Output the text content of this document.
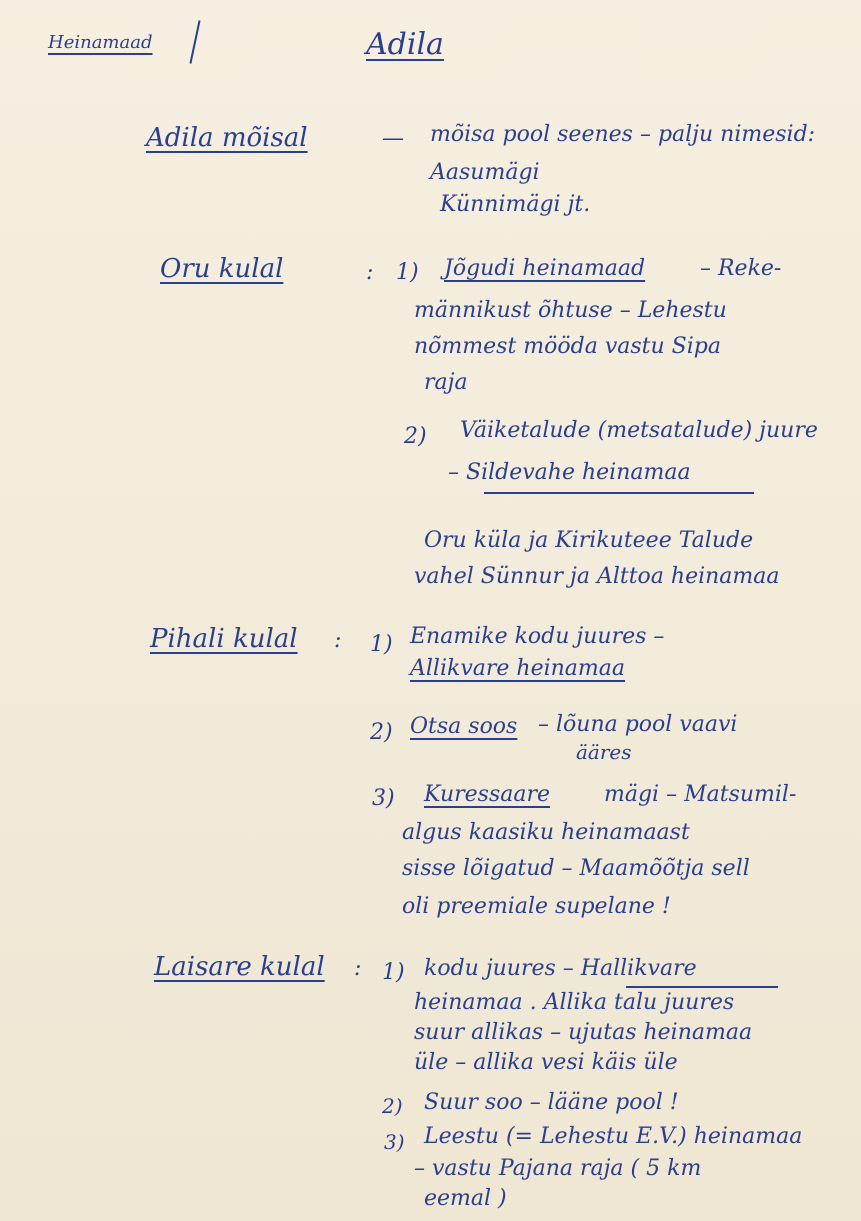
Heinamaad	Adila
Adila mõisal	— mõisa pool seenes – palju nimesid:
Aasumägi
Künnimägi jt.
Oru kulal	: 1) Jõgudi heinamaad – Reke-
männikust õhtuse – Lehestu
nõmmest mööda vastu Sipa
raja
2) Väiketalude (metsatalude) juure
– Sildevahe heinamaa
Oru küla ja Kirikuteee Talude
vahel Sünnur ja Alttoa heinamaa
Pihali kulal : 1) Enamike kodu juures –
Allikvare heinamaa
2) Otsa soos – lõuna pool vaavi
ääres
3) Kuressaare mägi – Matsumil-
algus kaasiku heinamaast
sisse lõigatud – Maamõõtja sell
oli preemiale supelane !
Laisare kulal : 1) kodu juures – Hallikvare
heinamaa . Allika talu juures
suur allikas – ujutas heinamaa
üle – allika vesi käis üle
2) Suur soo – lääne pool !
3) Leestu (= Lehestu E.V.) heinamaa
– vastu Pajana raja ( 5 km
eemal )
